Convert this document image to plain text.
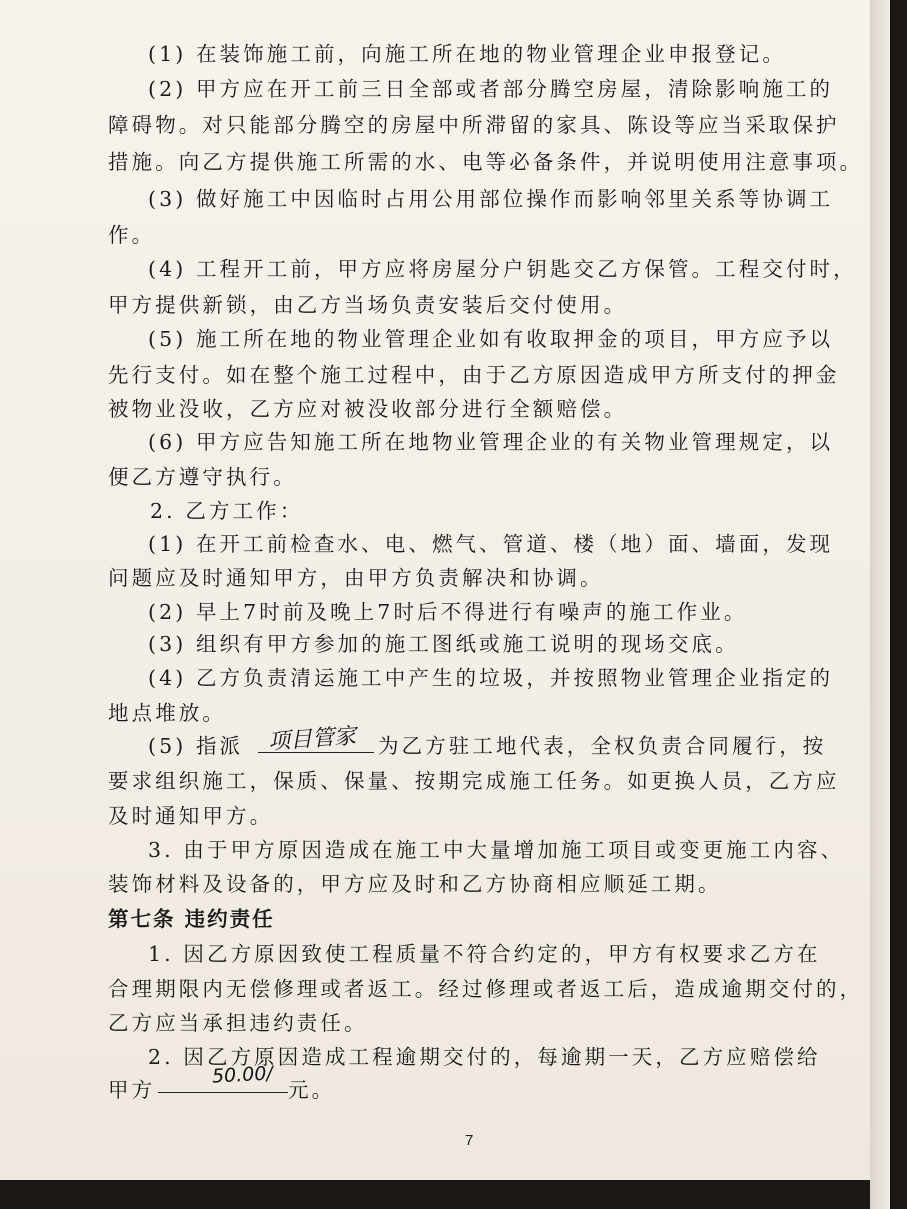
(1) 在装饰施工前，向施工所在地的物业管理企业申报登记。
(2) 甲方应在开工前三日全部或者部分腾空房屋，清除影响施工的
障碍物。对只能部分腾空的房屋中所滞留的家具、陈设等应当采取保护
措施。向乙方提供施工所需的水、电等必备条件，并说明使用注意事项。
(3) 做好施工中因临时占用公用部位操作而影响邻里关系等协调工
作。
(4) 工程开工前，甲方应将房屋分户钥匙交乙方保管。工程交付时，
甲方提供新锁，由乙方当场负责安装后交付使用。
(5) 施工所在地的物业管理企业如有收取押金的项目，甲方应予以
先行支付。如在整个施工过程中，由于乙方原因造成甲方所支付的押金
被物业没收，乙方应对被没收部分进行全额赔偿。
(6) 甲方应告知施工所在地物业管理企业的有关物业管理规定，以
便乙方遵守执行。
2. 乙方工作：
(1) 在开工前检查水、电、燃气、管道、楼（地）面、墙面，发现
问题应及时通知甲方，由甲方负责解决和协调。
(2) 早上7时前及晚上7时后不得进行有噪声的施工作业。
(3) 组织有甲方参加的施工图纸或施工说明的现场交底。
(4) 乙方负责清运施工中产生的垃圾，并按照物业管理企业指定的
地点堆放。
(5) 指派 项目管家 为乙方驻工地代表，全权负责合同履行，按
要求组织施工，保质、保量、按期完成施工任务。如更换人员，乙方应
及时通知甲方。
3. 由于甲方原因造成在施工中大量增加施工项目或变更施工内容、
装饰材料及设备的，甲方应及时和乙方协商相应顺延工期。
第七条 违约责任
1. 因乙方原因致使工程质量不符合约定的，甲方有权要求乙方在
合理期限内无偿修理或者返工。经过修理或者返工后，造成逾期交付的，
乙方应当承担违约责任。
2. 因乙方原因造成工程逾期交付的，每逾期一天，乙方应赔偿给
甲方
50.00/
元。
7
